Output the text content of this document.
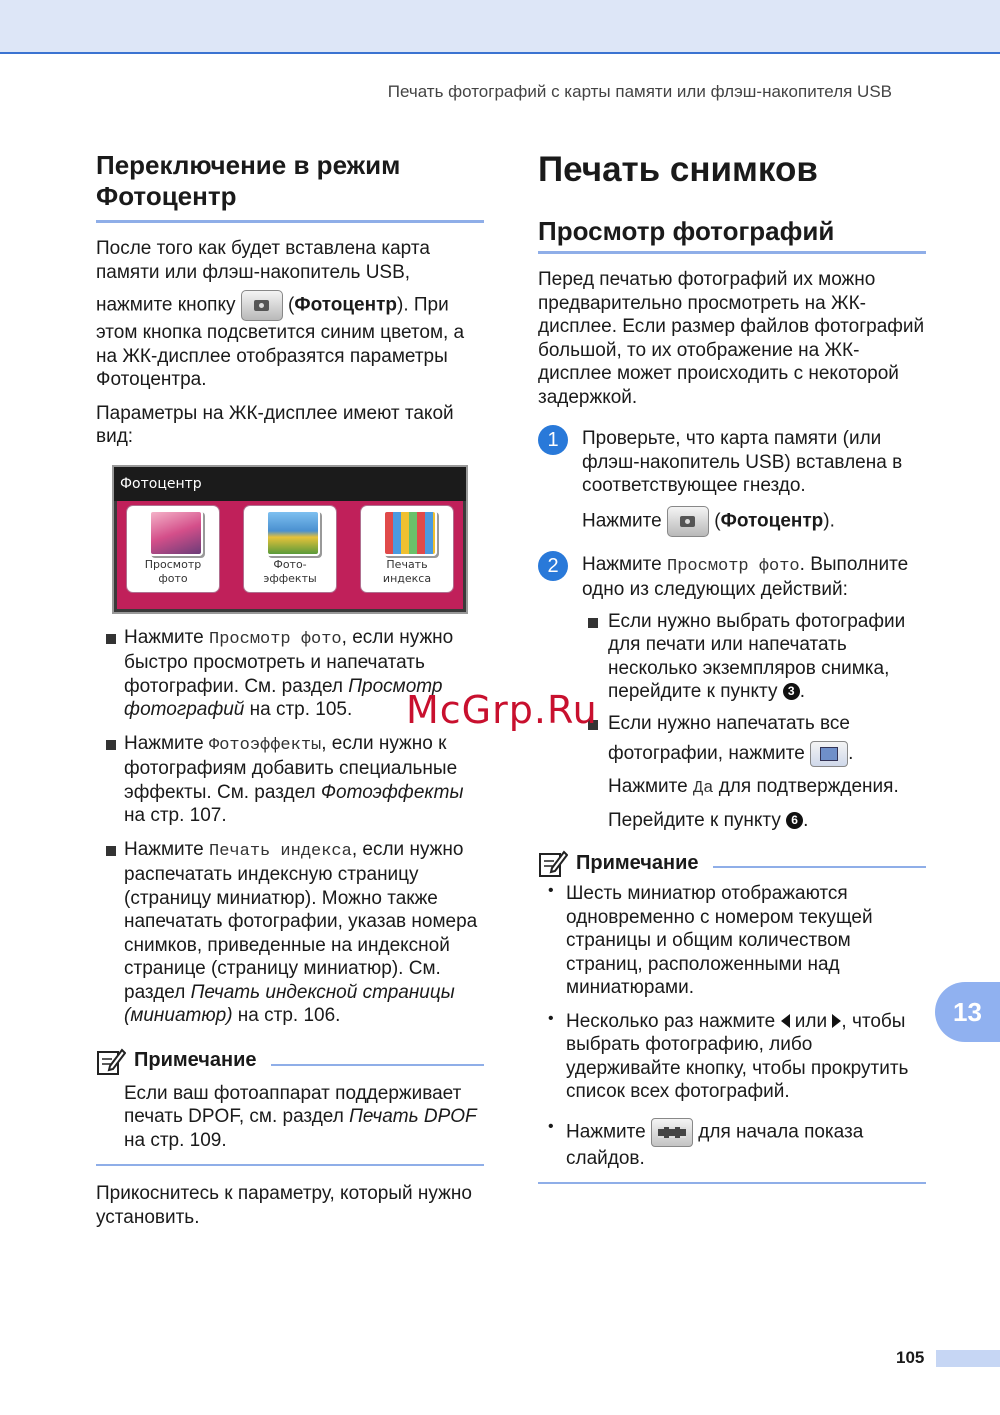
Печать фотографий с карты памяти или флэш-накопителя USB
Переключение в режим Фотоцентр

После того как будет вставлена карта памяти или флэш-накопитель USB,

нажмите кнопку
(Фотоцентр). При этом кнопка подсветится синим цветом, а на ЖК-дисплее отобразятся параметры Фотоцентра.

Параметры на ЖК-дисплее имеют такой вид:

Фотоцентр
Просмотр
фото
Фото-
эффекты
Печать
индекса

Нажмите Просмотр фото, если нужно быстро просмотреть и напечатать фотографии. См. раздел Просмотр фотографий на стр. 105.

Нажмите Фотоэффекты, если нужно к фотографиям добавить специальные эффекты. См. раздел Фотоэффекты на стр. 107.

Нажмите Печать индекса, если нужно распечатать индексную страницу (страницу миниатюр). Можно также напечатать фотографии, указав номера снимков, приведенные на индексной странице (страницу миниатюр). См. раздел Печать индексной страницы (миниатюр) на стр. 106.

Примечание

Если ваш фотоаппарат поддерживает печать DPOF, см. раздел Печать DPOF на стр. 109.

Прикоснитесь к параметру, который нужно установить.

Печать снимков
Просмотр фотографий

Перед печатью фотографий их можно предварительно просмотреть на ЖК-дисплее. Если размер файлов фотографий большой, то их отображение на ЖК-дисплее может происходить с некоторой задержкой.

1	Проверьте, что карта памяти (или флэш-накопитель USB) вставлена в соответствующее гнездо.

Нажмите
(Фотоцентр).

2	Нажмите Просмотр фото. Выполните одно из следующих действий:

Если нужно выбрать фотографии для печати или напечатать несколько экземпляров снимка, перейдите к пункту 3 .

Если нужно напечатать все

фотографии, нажмите .

Нажмите Да для подтверждения.

Перейдите к пункту 6 .

Примечание
• Шесть миниатюр отображаются одновременно с номером текущей страницы и общим количеством страниц, расположенными над миниатюрами.

• Несколько раз нажмите  или , чтобы выбрать фотографию, либо удерживайте кнопку, чтобы прокрутить список всех фотографий.

• Нажмите
для начала показа слайдов.

McGrp.Ru
13
105
